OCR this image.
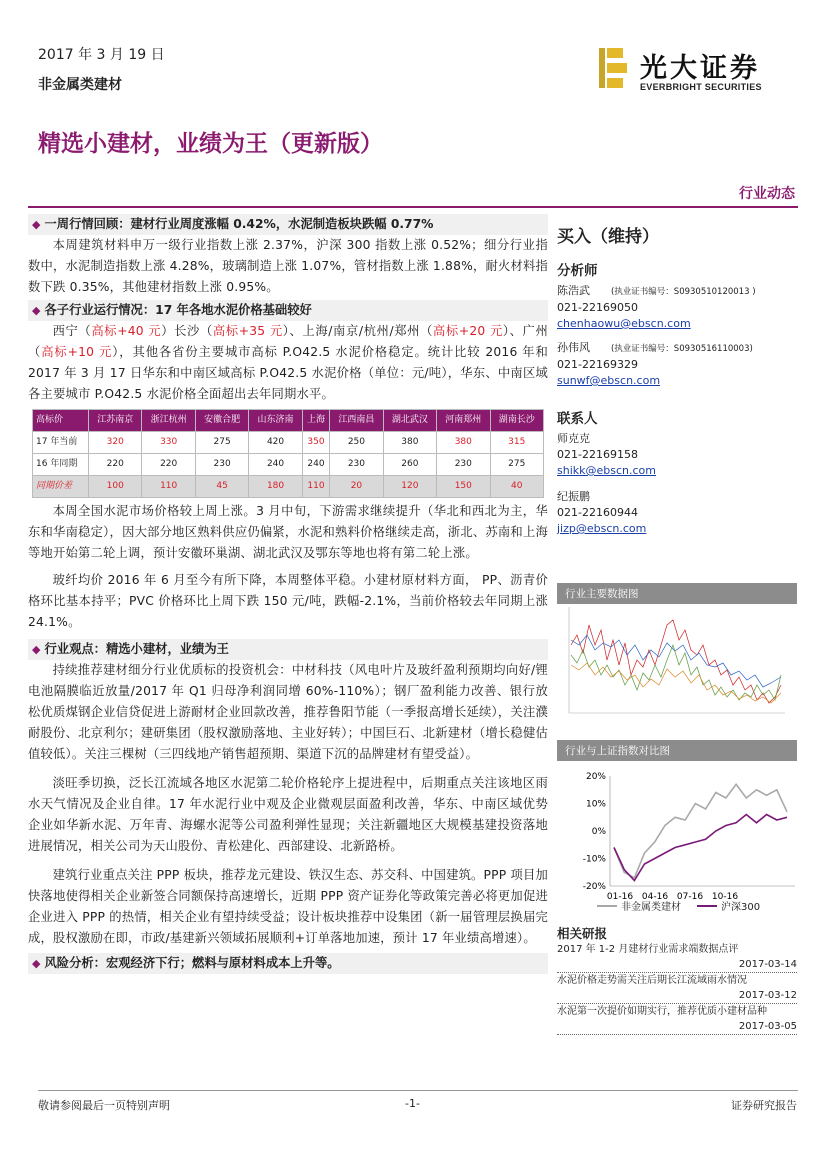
2017 年 3 月 19 日
非金属类建材
光大证券
EVERBRIGHT SECURITIES
精选小建材，业绩为王（更新版）
行业动态

◆ 一周行情回顾：建材行业周度涨幅 0.42%，水泥制造板块跌幅 0.77%

本周建筑材料申万一级行业指数上涨 2.37%，沪深 300 指数上涨 0.52%；细分行业指数中，水泥制造指数上涨 4.28%，玻璃制造上涨 1.07%，管材指数上涨 1.88%，耐火材料指数下跌 0.35%，其他建材指数上涨 0.95%。

◆ 各子行业运行情况：17 年各地水泥价格基础较好

西宁（高标+40 元）长沙（高标+35 元）、上海/南京/杭州/郑州（高标+20 元）、广州（高标+10 元），其他各省份主要城市高标 P.O42.5 水泥价格稳定。统计比较 2016 年和 2017 年 3 月 17 日华东和中南区域高标 P.O42.5 水泥价格（单位：元/吨），华东、中南区域各主要城市 P.O42.5 水泥价格全面超出去年同期水平。

高标价	江苏南京	浙江杭州	安徽合肥	山东济南	上海	江西南昌	湖北武汉	河南郑州	湖南长沙
17 年当前	320	330	275	420	350	250	380	380	315
16 年同期	220	220	230	240	240	230	260	230	275
同期价差	100	110	45	180	110	20	120	150	40

本周全国水泥市场价格较上周上涨。3 月中旬，下游需求继续提升（华北和西北为主，华东和华南稳定），因大部分地区熟料供应仍偏紧，水泥和熟料价格继续走高，浙北、苏南和上海等地开始第二轮上调，预计安徽环巢湖、湖北武汉及鄂东等地也将有第二轮上涨。

玻纤均价 2016 年 6 月至今有所下降，本周整体平稳。小建材原材料方面， PP、沥青价格环比基本持平；PVC 价格环比上周下跌 150 元/吨，跌幅-2.1%，当前价格较去年同期上涨 24.1%。

◆ 行业观点：精选小建材，业绩为王

持续推荐建材细分行业优质标的投资机会：中材科技（风电叶片及玻纤盈利预期均向好/锂电池隔膜临近放量/2017 年 Q1 归母净利润同增 60%-110%）；钢厂盈利能力改善、银行放松优质煤钢企业信贷促进上游耐材企业回款改善，推荐鲁阳节能（一季报高增长延续），关注濮耐股份、北京利尔；建研集团（股权激励落地、主业好转）；中国巨石、北新建材（增长稳健估值较低）。关注三棵树（三四线地产销售超预期、渠道下沉的品牌建材有望受益）。

淡旺季切换，泛长江流域各地区水泥第二轮价格轮序上提进程中，后期重点关注该地区雨水天气情况及企业自律。17 年水泥行业中观及企业微观层面盈利改善，华东、中南区域优势企业如华新水泥、万年青、海螺水泥等公司盈利弹性显现；关注新疆地区大规模基建投资落地进展情况，相关公司为天山股份、青松建化、西部建设、北新路桥。

建筑行业重点关注 PPP 板块，推荐龙元建设、铁汉生态、苏交科、中国建筑。PPP 项目加快落地使得相关企业新签合同额保持高速增长，近期 PPP 资产证券化等政策完善必将更加促进企业进入 PPP 的热情，相关企业有望持续受益；设计板块推荐中设集团（新一届管理层换届完成，股权激励在即，市政/基建新兴领域拓展顺利+订单落地加速，预计 17 年业绩高增速）。

◆ 风险分析：宏观经济下行；燃料与原材料成本上升等。

买入（维持）
分析师
陈浩武 (执业证书编号：S0930510120013 )
021-22169050
chenhaowu@ebscn.com
孙伟风 (执业证书编号：S0930516110003)
021-22169329
sunwf@ebscn.com
联系人
师克克
021-22169158
shikk@ebscn.com
纪振鹏
021-22160944
jizp@ebscn.com
行业主要数据图
行业与上证指数对比图
20%
10%
0%
-10%
-20%
01-16 04-16 07-16 10-16
非金属类建材	沪深300
相关研报
2017 年 1-2 月建材行业需求端数据点评
2017-03-14
水泥价格走势需关注后期长江流域雨水情况
2017-03-12
水泥第一次提价如期实行，推荐优质小建材品种
2017-03-05
敬请参阅最后一页特别声明	-1-	证券研究报告
